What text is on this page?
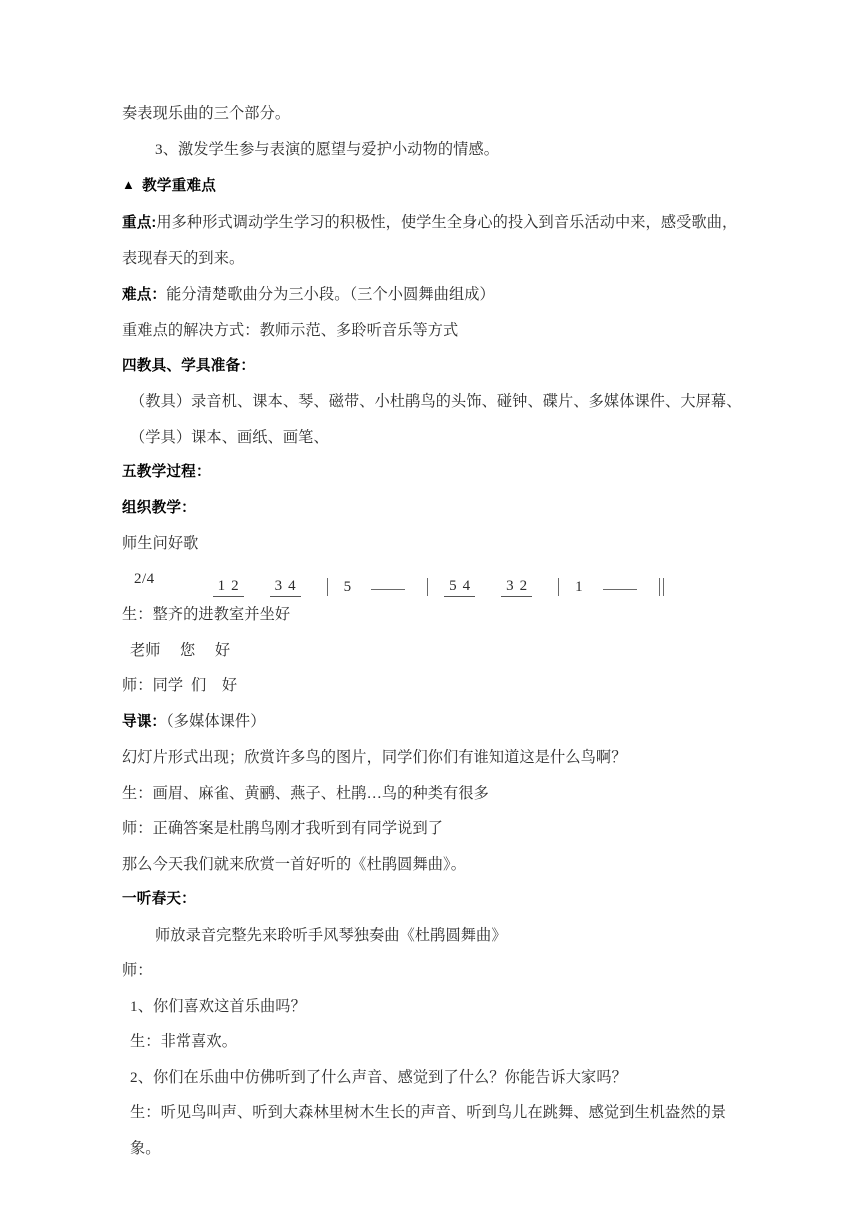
奏表现乐曲的三个部分。
3、激发学生参与表演的愿望与爱护小动物的情感。
▲ 教学重难点
重点:用多种形式调动学生学习的积极性，使学生全身心的投入到音乐活动中来，感受歌曲，表现春天的到来。
难点：能分清楚歌曲分为三小段。（三个小圆舞曲组成）
重难点的解决方式：教师示范、多聆听音乐等方式
四教具、学具准备：
（教具）录音机、课本、琴、磁带、小杜鹃鸟的头饰、碰钟、碟片、多媒体课件、大屏幕、
（学具）课本、画纸、画笔、
五教学过程：
组织教学：
师生问好歌
2/4	1 2	3 4	5	5 4	3 2	1
生：整齐的进教室并坐好
老师     您     好
师：同学  们    好
导课：（多媒体课件）
幻灯片形式出现；欣赏许多鸟的图片，同学们你们有谁知道这是什么鸟啊？
生：画眉、麻雀、黄鹂、燕子、杜鹃…鸟的种类有很多
师：正确答案是杜鹃鸟刚才我听到有同学说到了
那么今天我们就来欣赏一首好听的《杜鹃圆舞曲》。
一听春天：
师放录音完整先来聆听手风琴独奏曲《杜鹃圆舞曲》
师：
1、你们喜欢这首乐曲吗？
生：非常喜欢。
2、你们在乐曲中仿佛听到了什么声音、感觉到了什么？你能告诉大家吗？
生：听见鸟叫声、听到大森林里树木生长的声音、听到鸟儿在跳舞、感觉到生机盎然的景象。
